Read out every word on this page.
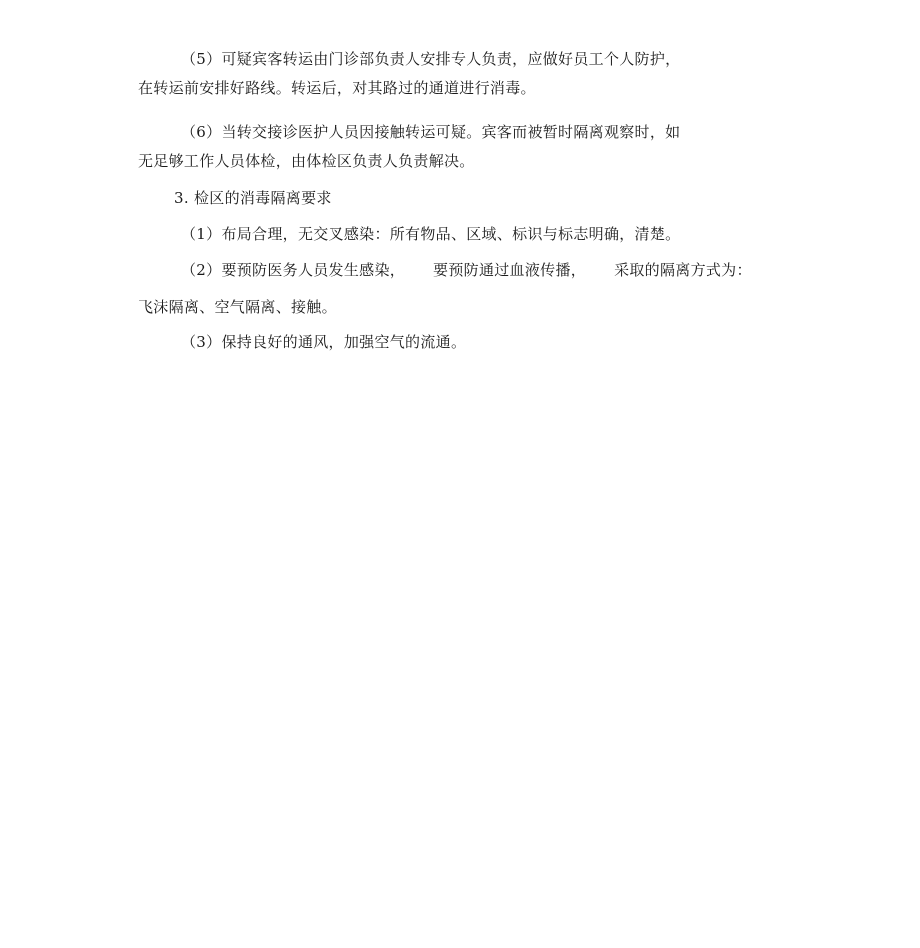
（5）可疑宾客转运由门诊部负责人安排专人负责，应做好员工个人防护，
在转运前安排好路线。转运后，对其路过的通道进行消毒。
（6）当转交接诊医护人员因接触转运可疑。宾客而被暂时隔离观察时，如
无足够工作人员体检，由体检区负责人负责解决。
3. 检区的消毒隔离要求
（1）布局合理，无交叉感染：所有物品、区域、标识与标志明确，清楚。
（2）要预防医务人员发生感染， 要预防通过血液传播， 采取的隔离方式为：
飞沫隔离、空气隔离、接触。
（3）保持良好的通风，加强空气的流通。
